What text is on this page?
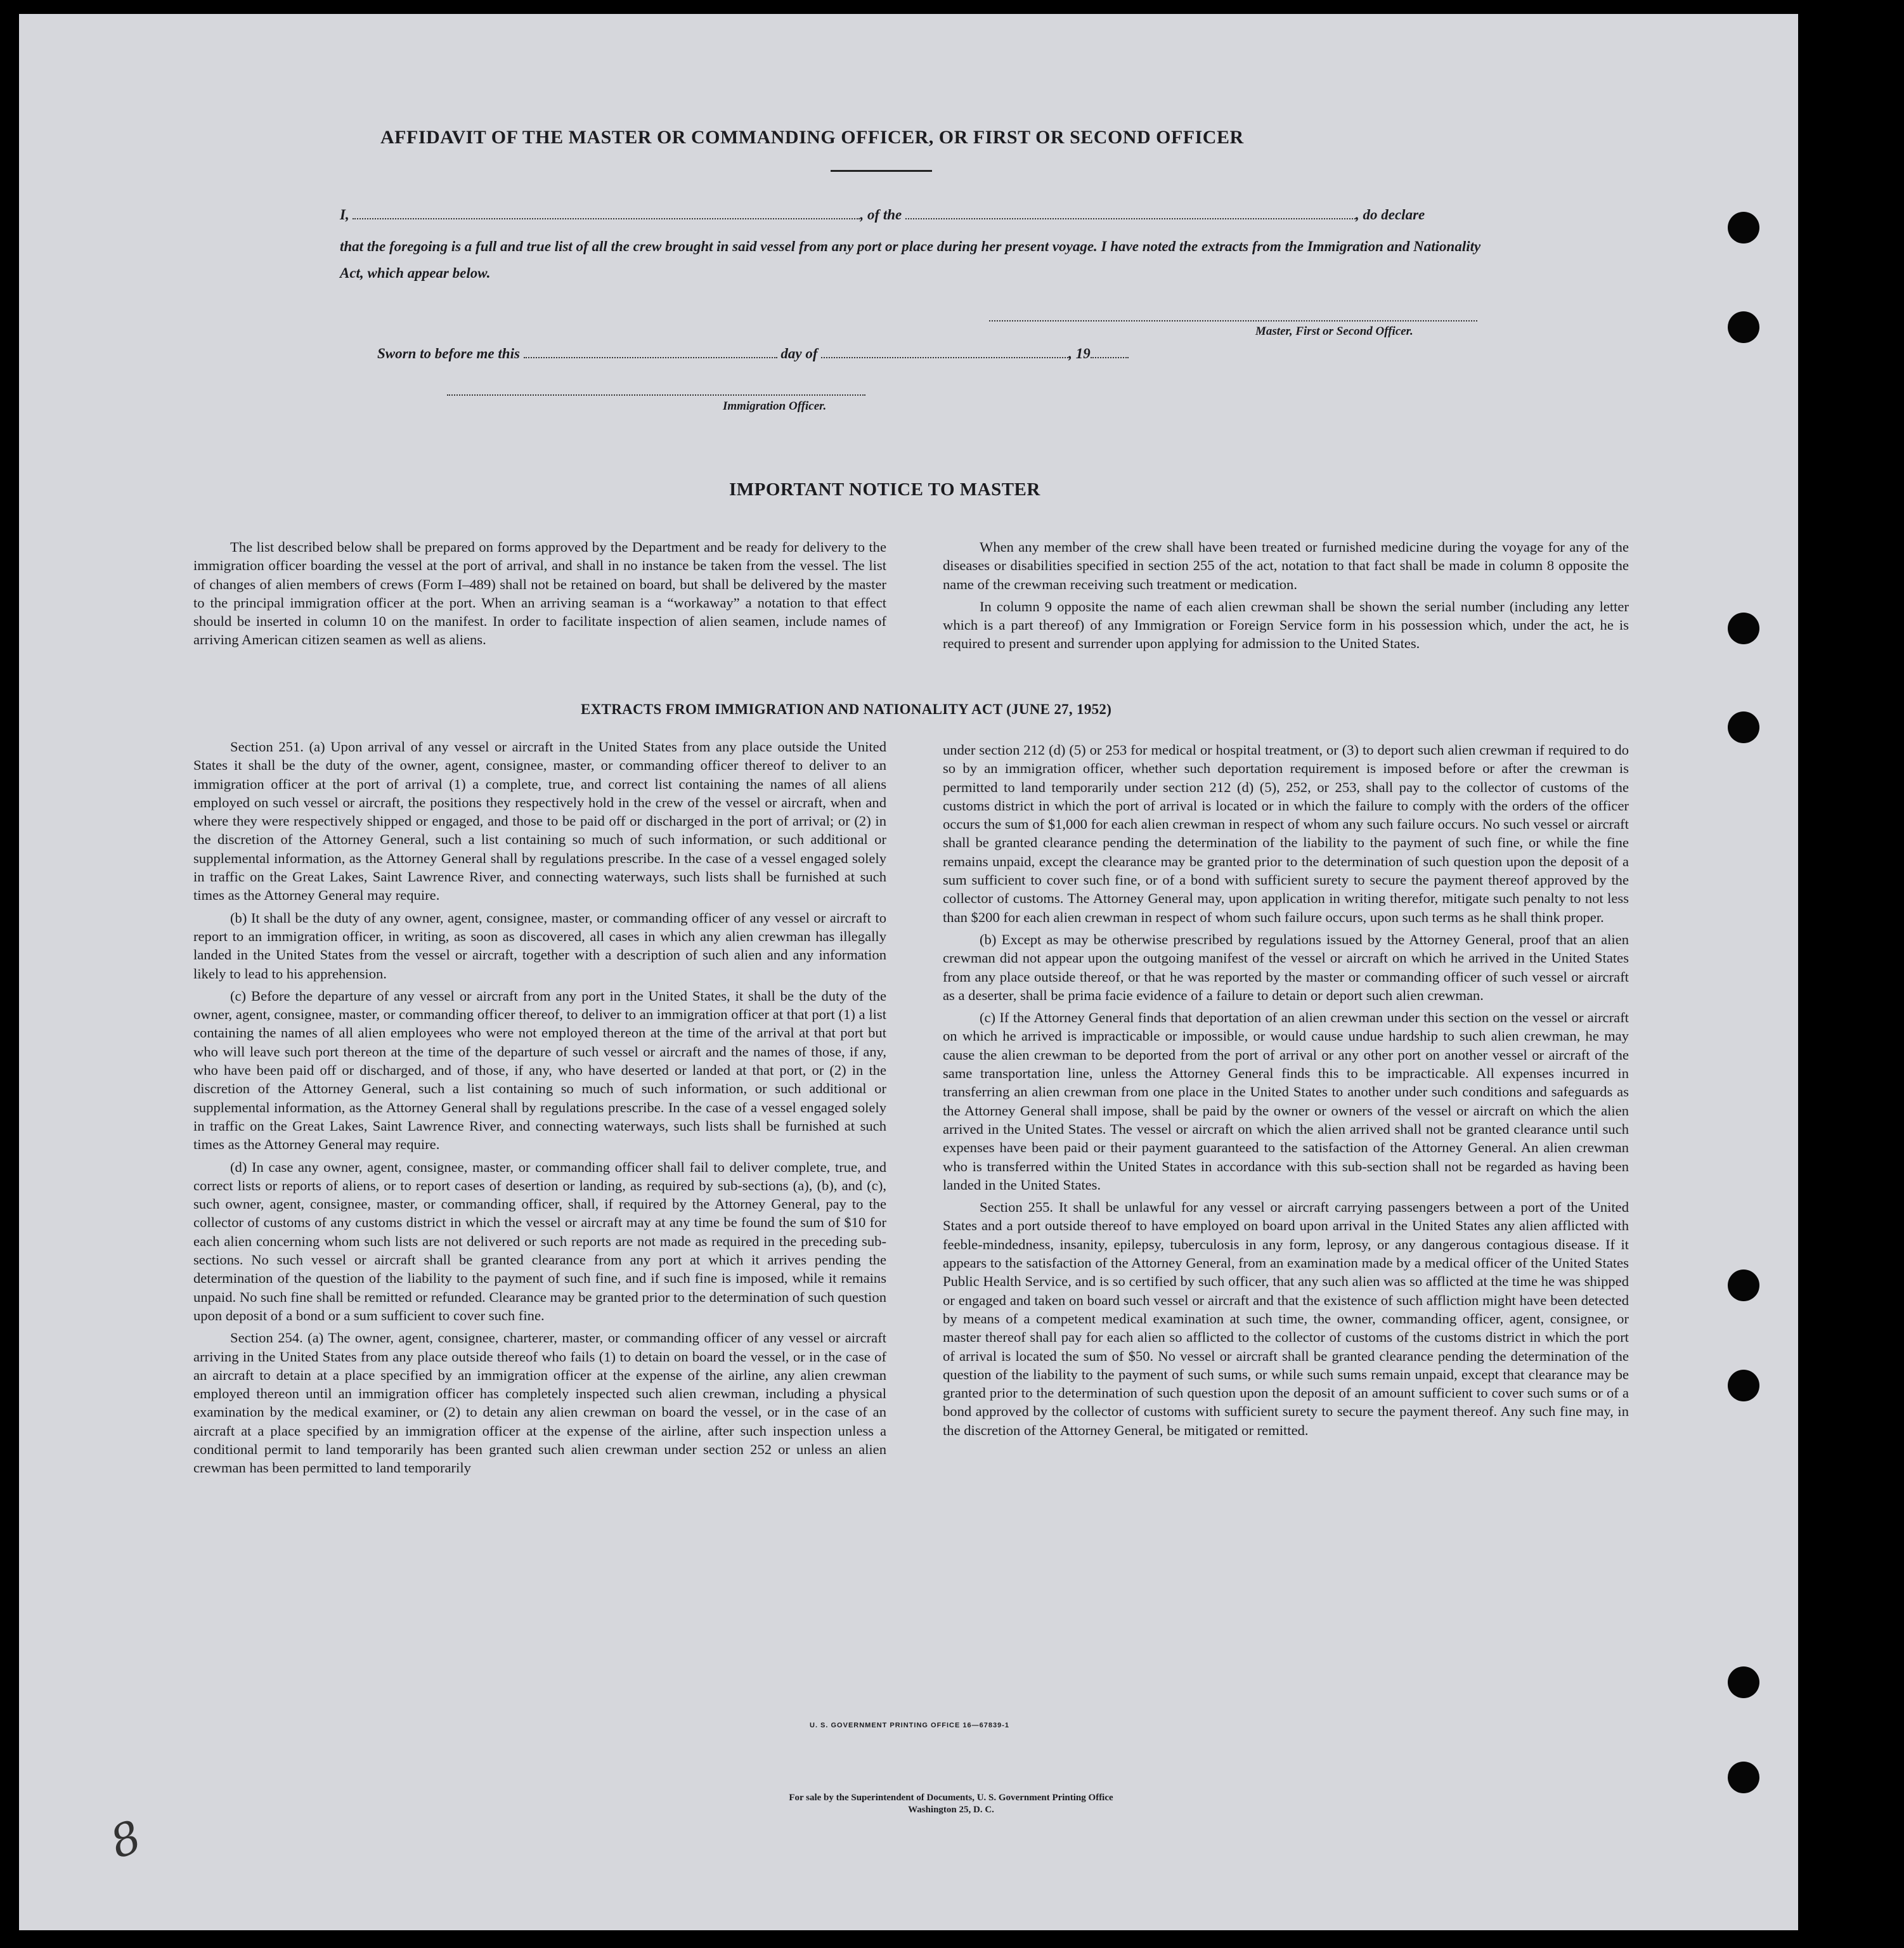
AFFIDAVIT OF THE MASTER OR COMMANDING OFFICER, OR FIRST OR SECOND OFFICER
I,	, of the	, do declare
that the foregoing is a full and true list of all the crew brought in said vessel from any port or place during her present voyage. I have noted the extracts from the Immigration and Nationality Act, which appear below.
Master, First or Second Officer.
Sworn to before me this	day of	, 19
Immigration Officer.
IMPORTANT NOTICE TO MASTER

The list described below shall be prepared on forms approved by the Department and be ready for delivery to the immigration officer boarding the vessel at the port of arrival, and shall in no instance be taken from the vessel. The list of changes of alien members of crews (Form I–489) shall not be retained on board, but shall be delivered by the master to the principal immigration officer at the port. When an arriving seaman is a “workaway” a notation to that effect should be inserted in column 10 on the manifest. In order to facilitate inspection of alien seamen, include names of arriving American citizen seamen as well as aliens.

When any member of the crew shall have been treated or furnished medicine during the voyage for any of the diseases or disabilities specified in section 255 of the act, notation to that fact shall be made in column 8 opposite the name of the crewman receiving such treatment or medication.

In column 9 opposite the name of each alien crewman shall be shown the serial number (including any letter which is a part thereof) of any Immigration or Foreign Service form in his possession which, under the act, he is required to present and surrender upon applying for admission to the United States.

EXTRACTS FROM IMMIGRATION AND NATIONALITY ACT (JUNE 27, 1952)

Section 251. (a) Upon arrival of any vessel or aircraft in the United States from any place outside the United States it shall be the duty of the owner, agent, consignee, master, or commanding officer thereof to deliver to an immigration officer at the port of arrival (1) a complete, true, and correct list containing the names of all aliens employed on such vessel or aircraft, the positions they respectively hold in the crew of the vessel or aircraft, when and where they were respectively shipped or engaged, and those to be paid off or discharged in the port of arrival; or (2) in the discretion of the Attorney General, such a list containing so much of such information, or such additional or supplemental information, as the Attorney General shall by regulations prescribe. In the case of a vessel engaged solely in traffic on the Great Lakes, Saint Lawrence River, and connecting waterways, such lists shall be furnished at such times as the Attorney General may require.

(b) It shall be the duty of any owner, agent, consignee, master, or commanding officer of any vessel or aircraft to report to an immigration officer, in writing, as soon as discovered, all cases in which any alien crewman has illegally landed in the United States from the vessel or aircraft, together with a description of such alien and any information likely to lead to his apprehension.

(c) Before the departure of any vessel or aircraft from any port in the United States, it shall be the duty of the owner, agent, consignee, master, or commanding officer thereof, to deliver to an immigration officer at that port (1) a list containing the names of all alien employees who were not employed thereon at the time of the arrival at that port but who will leave such port thereon at the time of the departure of such vessel or aircraft and the names of those, if any, who have been paid off or discharged, and of those, if any, who have deserted or landed at that port, or (2) in the discretion of the Attorney General, such a list containing so much of such information, or such additional or supplemental information, as the Attorney General shall by regulations prescribe. In the case of a vessel engaged solely in traffic on the Great Lakes, Saint Lawrence River, and connecting waterways, such lists shall be furnished at such times as the Attorney General may require.

(d) In case any owner, agent, consignee, master, or commanding officer shall fail to deliver complete, true, and correct lists or reports of aliens, or to report cases of desertion or landing, as required by sub-sections (a), (b), and (c), such owner, agent, consignee, master, or commanding officer, shall, if required by the Attorney General, pay to the collector of customs of any customs district in which the vessel or aircraft may at any time be found the sum of $10 for each alien concerning whom such lists are not delivered or such reports are not made as required in the preceding sub-sections. No such vessel or aircraft shall be granted clearance from any port at which it arrives pending the determination of the question of the liability to the payment of such fine, and if such fine is imposed, while it remains unpaid. No such fine shall be remitted or refunded. Clearance may be granted prior to the determination of such question upon deposit of a bond or a sum sufficient to cover such fine.

Section 254. (a) The owner, agent, consignee, charterer, master, or commanding officer of any vessel or aircraft arriving in the United States from any place outside thereof who fails (1) to detain on board the vessel, or in the case of an aircraft to detain at a place specified by an immigration officer at the expense of the airline, any alien crewman employed thereon until an immigration officer has completely inspected such alien crewman, including a physical examination by the medical examiner, or (2) to detain any alien crewman on board the vessel, or in the case of an aircraft at a place specified by an immigration officer at the expense of the airline, after such inspection unless a conditional permit to land temporarily has been granted such alien crewman under section 252 or unless an alien crewman has been permitted to land temporarily

under section 212 (d) (5) or 253 for medical or hospital treatment, or (3) to deport such alien crewman if required to do so by an immigration officer, whether such deportation requirement is imposed before or after the crewman is permitted to land temporarily under section 212 (d) (5), 252, or 253, shall pay to the collector of customs of the customs district in which the port of arrival is located or in which the failure to comply with the orders of the officer occurs the sum of $1,000 for each alien crewman in respect of whom any such failure occurs. No such vessel or aircraft shall be granted clearance pending the determination of the liability to the payment of such fine, or while the fine remains unpaid, except the clearance may be granted prior to the determination of such question upon the deposit of a sum sufficient to cover such fine, or of a bond with sufficient surety to secure the payment thereof approved by the collector of customs. The Attorney General may, upon application in writing therefor, mitigate such penalty to not less than $200 for each alien crewman in respect of whom such failure occurs, upon such terms as he shall think proper.

(b) Except as may be otherwise prescribed by regulations issued by the Attorney General, proof that an alien crewman did not appear upon the outgoing manifest of the vessel or aircraft on which he arrived in the United States from any place outside thereof, or that he was reported by the master or commanding officer of such vessel or aircraft as a deserter, shall be prima facie evidence of a failure to detain or deport such alien crewman.

(c) If the Attorney General finds that deportation of an alien crewman under this section on the vessel or aircraft on which he arrived is impracticable or impossible, or would cause undue hardship to such alien crewman, he may cause the alien crewman to be deported from the port of arrival or any other port on another vessel or aircraft of the same transportation line, unless the Attorney General finds this to be impracticable. All expenses incurred in transferring an alien crewman from one place in the United States to another under such conditions and safeguards as the Attorney General shall impose, shall be paid by the owner or owners of the vessel or aircraft on which the alien arrived in the United States. The vessel or aircraft on which the alien arrived shall not be granted clearance until such expenses have been paid or their payment guaranteed to the satisfaction of the Attorney General. An alien crewman who is transferred within the United States in accordance with this sub-section shall not be regarded as having been landed in the United States.

Section 255. It shall be unlawful for any vessel or aircraft carrying passengers between a port of the United States and a port outside thereof to have employed on board upon arrival in the United States any alien afflicted with feeble-mindedness, insanity, epilepsy, tuberculosis in any form, leprosy, or any dangerous contagious disease. If it appears to the satisfaction of the Attorney General, from an examination made by a medical officer of the United States Public Health Service, and is so certified by such officer, that any such alien was so afflicted at the time he was shipped or engaged and taken on board such vessel or aircraft and that the existence of such affliction might have been detected by means of a competent medical examination at such time, the owner, commanding officer, agent, consignee, or master thereof shall pay for each alien so afflicted to the collector of customs of the customs district in which the port of arrival is located the sum of $50. No vessel or aircraft shall be granted clearance pending the determination of the question of the liability to the payment of such sums, or while such sums remain unpaid, except that clearance may be granted prior to the determination of such question upon the deposit of an amount sufficient to cover such sums or of a bond approved by the collector of customs with sufficient surety to secure the payment thereof. Any such fine may, in the discretion of the Attorney General, be mitigated or remitted.

U. S. GOVERNMENT PRINTING OFFICE 16—67839-1
For sale by the Superintendent of Documents, U. S. Government Printing Office
Washington 25, D. C.
8
